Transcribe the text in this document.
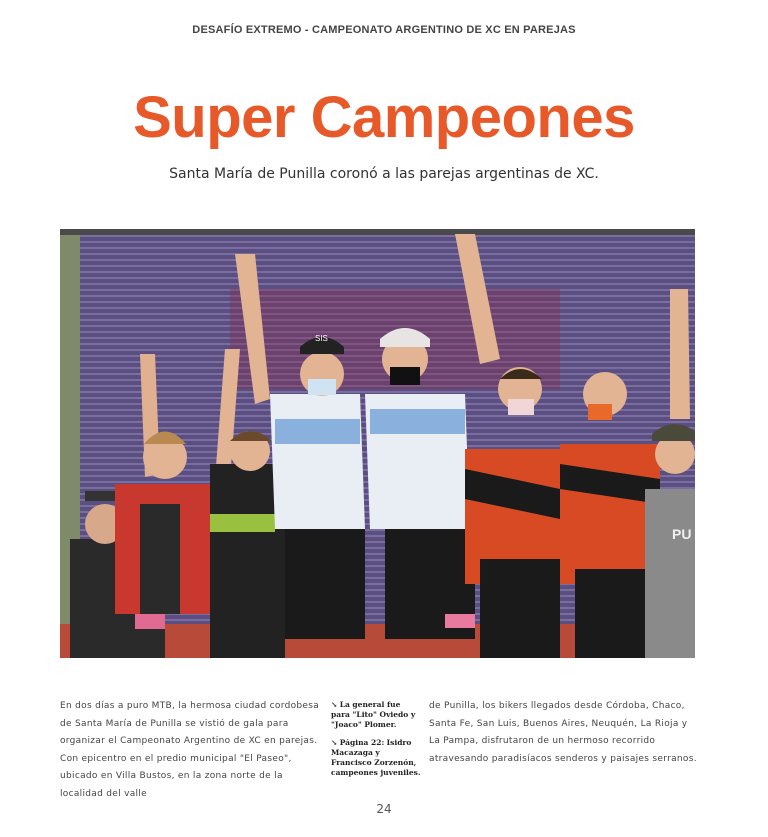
DESAFÍO EXTREMO - CAMPEONATO ARGENTINO DE XC EN PAREJAS
Super Campeones
Santa María de Punilla coronó a las parejas argentinas de XC.
SIS
PU
En dos días a puro MTB, la hermosa ciudad cordobesa de Santa María de Punilla se vistió de gala para organizar el Campeonato Argentino de XC en parejas. Con epicentro en el predio municipal "El Paseo", ubicado en Villa Bustos, en la zona norte de la localidad del valle
↘ La general fue para "Lito" Oviedo y "Joaco" Plomer.
↘ Página 22: Isidro Macazaga y Francisco Zorzenón, campeones juveniles.
de Punilla, los bikers llegados desde Córdoba, Chaco, Santa Fe, San Luis, Buenos Aires, Neuquén, La Rioja y La Pampa, disfrutaron de un hermoso recorrido atravesando paradisíacos senderos y paisajes serranos.
24
